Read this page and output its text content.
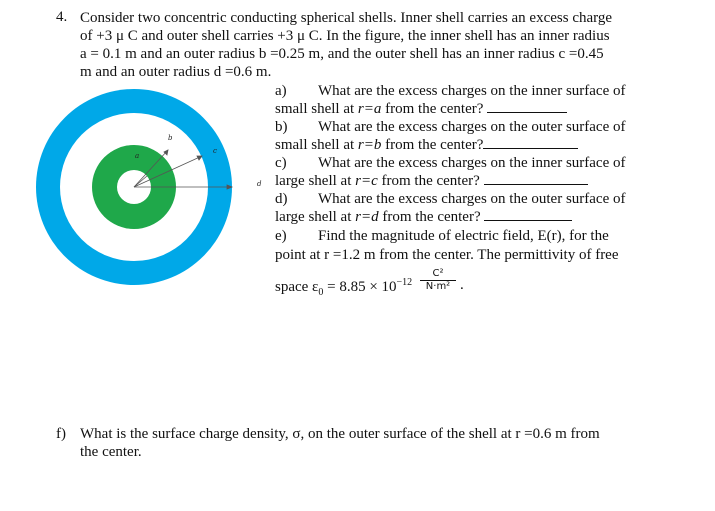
4. Consider two concentric conducting spherical shells. Inner shell carries an excess charge
of +3 μ C and outer shell carries +3 μ C. In the figure, the inner shell has an inner radius
a = 0.1 m and an outer radius b =0.25 m, and the outer shell has an inner radius c =0.45
m and an outer radius d =0.6 m.
a
b
c
d
a) What are the excess charges on the inner surface of
small shell at r=a from the center?
b) What are the excess charges on the outer surface of
small shell at r=b from the center?
c) What are the excess charges on the inner surface of
large shell at r=c from the center?
d) What are the excess charges on the outer surface of
large shell at r=d from the center?
e) Find the magnitude of electric field, E(r), for the
point at r =1.2 m from the center. The permittivity of free
space $\varepsilon_0 = 8.85 \times 10^{-12} \frac{\text{C²}}{\text{N·m²}}$ .
f) What is the surface charge density, σ, on the outer surface of the shell at r =0.6 m from
the center.
